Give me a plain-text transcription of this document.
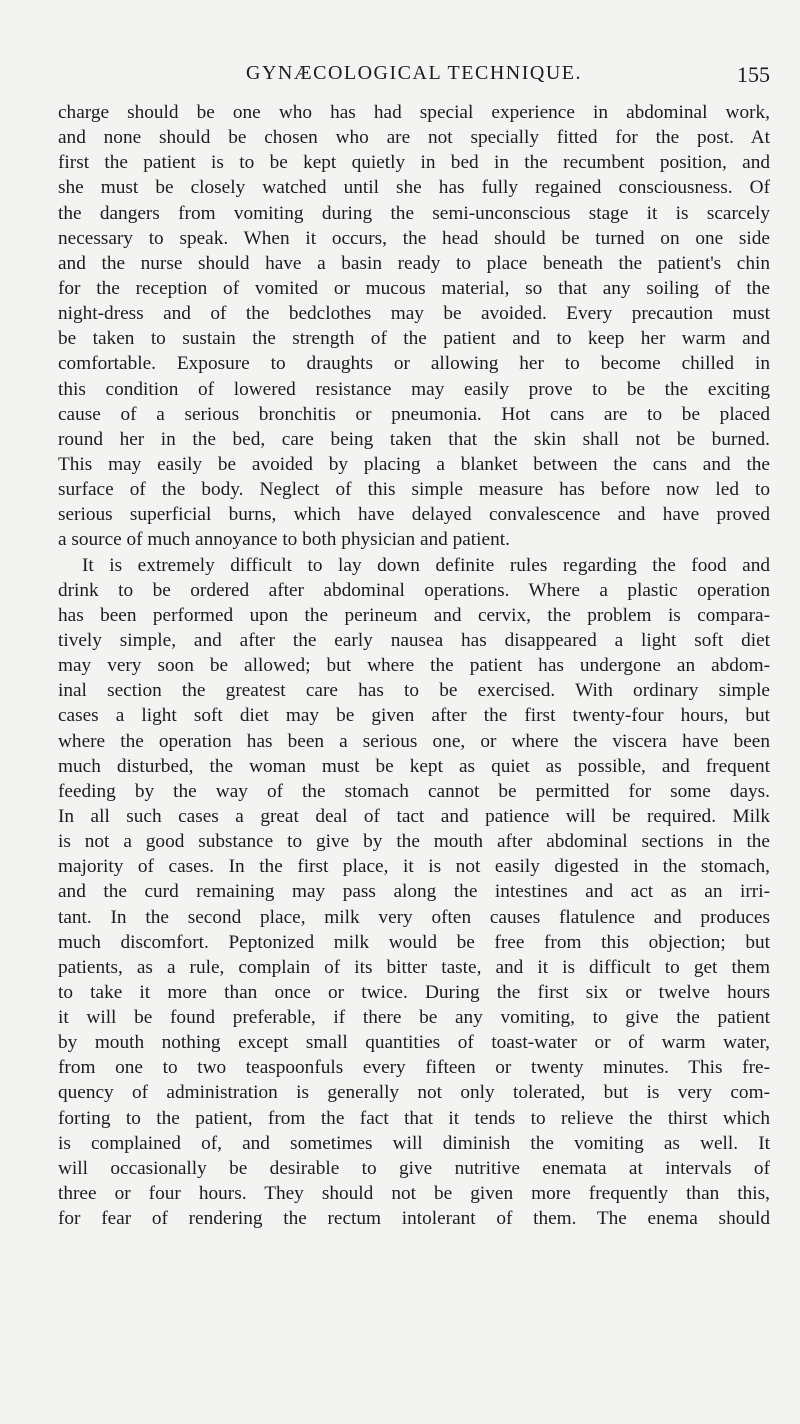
GYNÆCOLOGICAL TECHNIQUE.	155
charge should be one who has had special experience in abdominal work,
and none should be chosen who are not specially fitted for the post. At
first the patient is to be kept quietly in bed in the recumbent position, and
she must be closely watched until she has fully regained consciousness. Of
the dangers from vomiting during the semi-unconscious stage it is scarcely
necessary to speak. When it occurs, the head should be turned on one side
and the nurse should have a basin ready to place beneath the patient's chin
for the reception of vomited or mucous material, so that any soiling of the
night-dress and of the bedclothes may be avoided. Every precaution must
be taken to sustain the strength of the patient and to keep her warm and
comfortable. Exposure to draughts or allowing her to become chilled in
this condition of lowered resistance may easily prove to be the exciting
cause of a serious bronchitis or pneumonia. Hot cans are to be placed
round her in the bed, care being taken that the skin shall not be burned.
This may easily be avoided by placing a blanket between the cans and the
surface of the body. Neglect of this simple measure has before now led to
serious superficial burns, which have delayed convalescence and have proved
a source of much annoyance to both physician and patient.
It is extremely difficult to lay down definite rules regarding the food and
drink to be ordered after abdominal operations. Where a plastic operation
has been performed upon the perineum and cervix, the problem is compara-
tively simple, and after the early nausea has disappeared a light soft diet
may very soon be allowed; but where the patient has undergone an abdom-
inal section the greatest care has to be exercised. With ordinary simple
cases a light soft diet may be given after the first twenty-four hours, but
where the operation has been a serious one, or where the viscera have been
much disturbed, the woman must be kept as quiet as possible, and frequent
feeding by the way of the stomach cannot be permitted for some days.
In all such cases a great deal of tact and patience will be required. Milk
is not a good substance to give by the mouth after abdominal sections in the
majority of cases. In the first place, it is not easily digested in the stomach,
and the curd remaining may pass along the intestines and act as an irri-
tant. In the second place, milk very often causes flatulence and produces
much discomfort. Peptonized milk would be free from this objection; but
patients, as a rule, complain of its bitter taste, and it is difficult to get them
to take it more than once or twice. During the first six or twelve hours
it will be found preferable, if there be any vomiting, to give the patient
by mouth nothing except small quantities of toast-water or of warm water,
from one to two teaspoonfuls every fifteen or twenty minutes. This fre-
quency of administration is generally not only tolerated, but is very com-
forting to the patient, from the fact that it tends to relieve the thirst which
is complained of, and sometimes will diminish the vomiting as well. It
will occasionally be desirable to give nutritive enemata at intervals of
three or four hours. They should not be given more frequently than this,
for fear of rendering the rectum intolerant of them. The enema should
